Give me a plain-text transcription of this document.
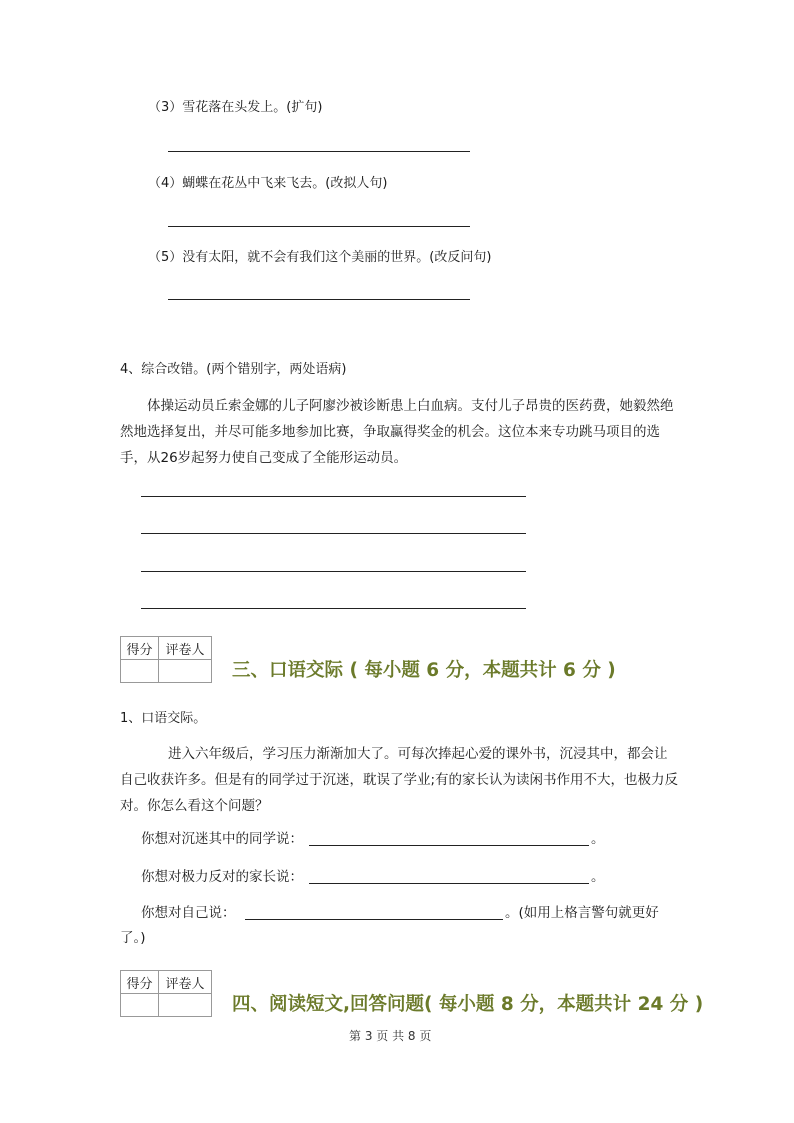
（3）雪花落在头发上。(扩句)
（4）蝴蝶在花丛中飞来飞去。(改拟人句)
（5）没有太阳，就不会有我们这个美丽的世界。(改反问句)
4、综合改错。(两个错别字，两处语病)
体操运动员丘索金娜的儿子阿廖沙被诊断患上白血病。支付儿子昂贵的医药费，她毅然绝然地选择复出，并尽可能多地参加比赛，争取赢得奖金的机会。这位本来专功跳马项目的选手，从26岁起努力使自己变成了全能形运动员。
得分	评卷人

三、口语交际 ( 每小题 6 分，本题共计 6 分 )
1、口语交际。
进入六年级后，学习压力渐渐加大了。可每次捧起心爱的课外书，沉浸其中，都会让自己收获许多。但是有的同学过于沉迷，耽误了学业;有的家长认为读闲书作用不大，也极力反对。你怎么看这个问题？
你想对沉迷其中的同学说：	。
你想对极力反对的家长说：	。
你想对自己说：	。(如用上格言警句就更好
了。)
得分	评卷人

四、阅读短文,回答问题( 每小题 8 分，本题共计 24 分 )
第 3 页 共 8 页
